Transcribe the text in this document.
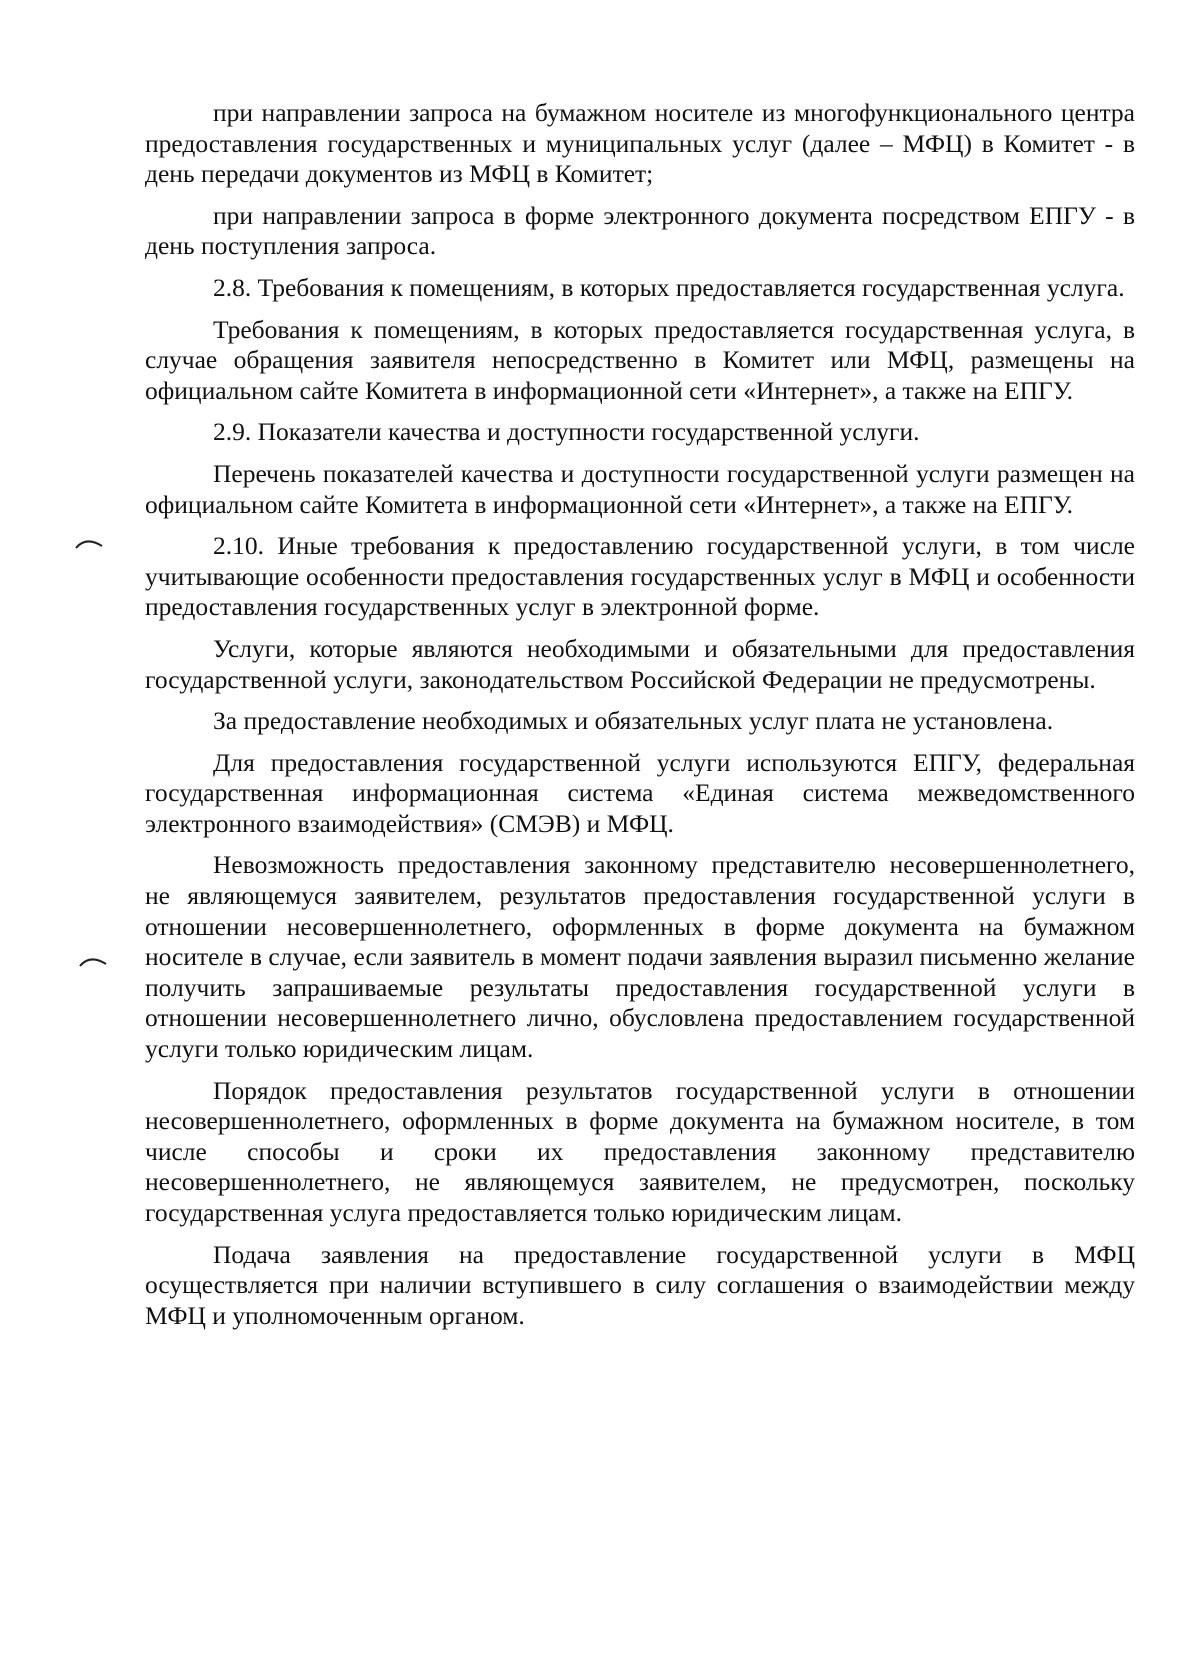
при направлении запроса на бумажном носителе из многофункционального центра предоставления государственных и муниципальных услуг (далее – МФЦ) в Комитет - в день передачи документов из МФЦ в Комитет;

при направлении запроса в форме электронного документа посредством ЕПГУ - в день поступления запроса.

2.8. Требования к помещениям, в которых предоставляется государственная услуга.

Требования к помещениям, в которых предоставляется государственная услуга, в случае обращения заявителя непосредственно в Комитет или МФЦ, размещены на официальном сайте Комитета в информационной сети «Интернет», а также на ЕПГУ.

2.9. Показатели качества и доступности государственной услуги.

Перечень показателей качества и доступности государственной услуги размещен на официальном сайте Комитета в информационной сети «Интернет», а также на ЕПГУ.

2.10. Иные требования к предоставлению государственной услуги, в том числе учитывающие особенности предоставления государственных услуг в МФЦ и особенности предоставления государственных услуг в электронной форме.

Услуги, которые являются необходимыми и обязательными для предоставления государственной услуги, законодательством Российской Федерации не предусмотрены.

За предоставление необходимых и обязательных услуг плата не установлена.

Для предоставления государственной услуги используются ЕПГУ, федеральная государственная информационная система «Единая система межведомственного электронного взаимодействия» (СМЭВ) и МФЦ.

Невозможность предоставления законному представителю несовершеннолетнего, не являющемуся заявителем, результатов предоставления государственной услуги в отношении несовершеннолетнего, оформленных в форме документа на бумажном носителе в случае, если заявитель в момент подачи заявления выразил письменно желание получить запрашиваемые результаты предоставления государственной услуги в отношении несовершеннолетнего лично, обусловлена предоставлением государственной услуги только юридическим лицам.

Порядок предоставления результатов государственной услуги в отношении несовершеннолетнего, оформленных в форме документа на бумажном носителе, в том числе способы и сроки их предоставления законному представителю несовершеннолетнего, не являющемуся заявителем, не предусмотрен, поскольку государственная услуга предоставляется только юридическим лицам.

Подача заявления на предоставление государственной услуги в МФЦ осуществляется при наличии вступившего в силу соглашения о взаимодействии между МФЦ и уполномоченным органом.
